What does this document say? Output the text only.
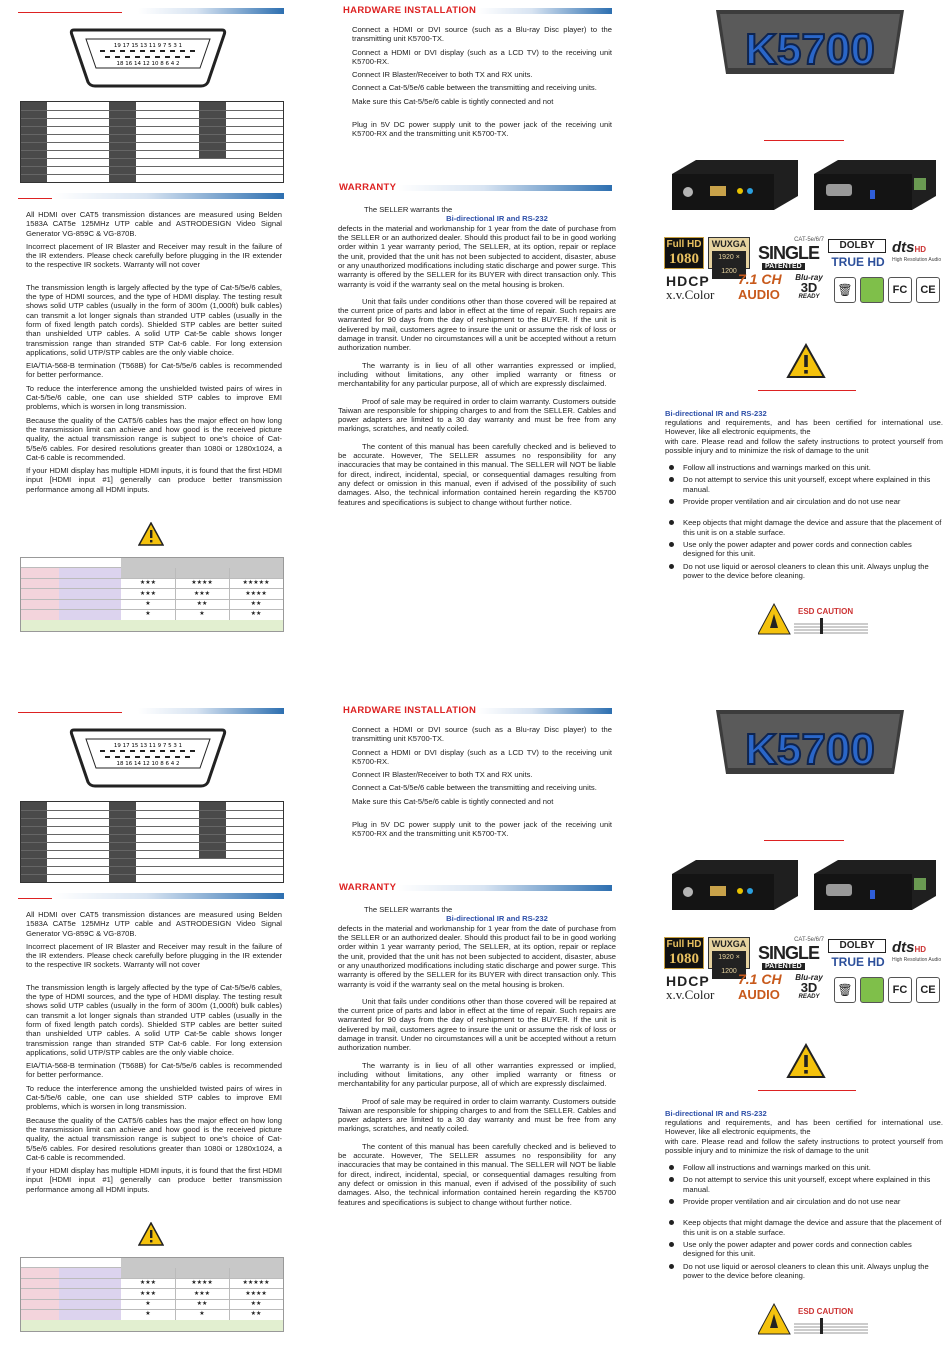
19 17 15 13 11 9 7 5 3 1
18 16 14 12 10 8 6 4 2

All HDMI over CAT5 transmission distances are measured using Belden 1583A CAT5e 125MHz UTP cable and ASTRODESIGN Video Signal Generator VG-859C & VG-870B.

Incorrect placement of IR Blaster and Receiver may result in the failure of the IR extenders. Please check carefully before plugging in the IR extender to the respective IR sockets. Warranty will not cover

The transmission length is largely affected by the type of Cat-5/5e/6 cables, the type of HDMI sources, and the type of HDMI display. The testing result shows solid UTP cables (usually in the form of 300m (1,000ft) bulk cables) can transmit a lot longer signals than stranded UTP cables (usually in the form of fixed length patch cords). Shielded STP cables are better suited than unshielded UTP cables. A solid UTP Cat-5e cable shows longer transmission range than stranded STP Cat-6 cable. For long extension applications, solid UTP/STP cables are the only viable choice.

EIA/TIA-568-B termination (T568B) for Cat-5/5e/6 cables is recommended for better performance.

To reduce the interference among the unshielded twisted pairs of wires in Cat-5/5e/6 cable, one can use shielded STP cables to improve EMI problems, which is worsen in long transmission.

Because the quality of the CAT5/6 cables has the major effect on how long the transmission limit can achieve and how good is the received picture quality, the actual transmission range is subject to one’s choice of Cat-5/5e/6 cables. For desired resolutions greater than 1080i or 1280x1024, a Cat-6 cable is recommended.

If your HDMI display has multiple HDMI inputs, it is found that the first HDMI input [HDMI input #1] generally can produce better transmission performance among all HDMI inputs.

★★★	★★★★	★★★★★
★★★	★★★	★★★★
★	★★	★★
★	★	★★
HARDWARE INSTALLATION

Connect a HDMI or DVI source (such as a Blu-ray Disc player) to the transmitting unit K5700-TX.

Connect a HDMI or DVI display (such as a LCD TV) to the receiving unit K5700-RX.

Connect IR Blaster/Receiver to both TX and RX units.

Connect a Cat-5/5e/6 cable between the transmitting and receiving units.

Make sure this Cat-5/5e/6 cable is tightly connected and not

Plug in 5V DC power supply unit to the power jack of the receiving unit K5700-RX and the transmitting unit K5700-TX.

WARRANTY

The SELLER warrants the

Bi-directional IR and RS-232

defects in the material and workmanship for 1 year from the date of purchase from the SELLER or an authorized dealer. Should this product fail to be in good working order within 1 year warranty period, The SELLER, at its option, repair or replace the unit, provided that the unit has not been subjected to accident, disaster, abuse or any unauthorized modifications including static discharge and power surge. This warranty is offered by the SELLER for its BUYER with direct transaction only. This warranty is void if the warranty seal on the metal housing is broken.

Unit that fails under conditions other than those covered will be repaired at the current price of parts and labor in effect at the time of repair. Such repairs are warranted for 90 days from the day of reshipment to the BUYER. If the unit is delivered by mail, customers agree to insure the unit or assume the risk of loss or damage in transit. Under no circumstances will a unit be accepted without a return authorization number.

The warranty is in lieu of all other warranties expressed or implied, including without limitations, any other implied warranty or fitness or merchantability for any particular purpose, all of which are expressly disclaimed.

Proof of sale may be required in order to claim warranty. Customers outside Taiwan are responsible for shipping charges to and from the SELLER. Cables and power adapters are limited to a 30 day warranty and must be free from any markings, scratches, and neatly coiled.

The content of this manual has been carefully checked and is believed to be accurate. However, The SELLER assumes no responsibility for any inaccuracies that may be contained in this manual. The SELLER will NOT be liable for direct, indirect, incidental, special, or consequential damages resulting from any defect or omission in this manual, even if advised of the possibility of such damages. Also, the technical information contained herein regarding the K5700 features and specifications is subject to change without further notice.

K5700
Full HD
1080
WUXGA
1920 × 1200
CAT-5e/6/7
SINGLE
PATENTED
DOLBY
TRUE HD
dtsHD
High Resolution Audio
HDCP
x.v.Color
7.1 CH
AUDIO
Blu-ray
3D
READY	🗑	FC	CE
Bi-directional IR and RS-232

regulations and requirements, and has been certified for international use. However, like all electronic equipments, the

with care. Please read and follow the safety instructions to protect yourself from possible injury and to minimize the risk of damage to the unit

Follow all instructions and warnings marked on this unit.
Do not attempt to service this unit yourself, except where explained in this manual.
Provide proper ventilation and air circulation and do not use near
Keep objects that might damage the device and assure that the placement of this unit is on a stable surface.
Use only the power adapter and power cords and connection cables designed for this unit.
Do not use liquid or aerosol cleaners to clean this unit. Always unplug the power to the device before cleaning.
ESD CAUTION
19 17 15 13 11 9 7 5 3 1
18 16 14 12 10 8 6 4 2

All HDMI over CAT5 transmission distances are measured using Belden 1583A CAT5e 125MHz UTP cable and ASTRODESIGN Video Signal Generator VG-859C & VG-870B.

Incorrect placement of IR Blaster and Receiver may result in the failure of the IR extenders. Please check carefully before plugging in the IR extender to the respective IR sockets. Warranty will not cover

The transmission length is largely affected by the type of Cat-5/5e/6 cables, the type of HDMI sources, and the type of HDMI display. The testing result shows solid UTP cables (usually in the form of 300m (1,000ft) bulk cables) can transmit a lot longer signals than stranded UTP cables (usually in the form of fixed length patch cords). Shielded STP cables are better suited than unshielded UTP cables. A solid UTP Cat-5e cable shows longer transmission range than stranded STP Cat-6 cable. For long extension applications, solid UTP/STP cables are the only viable choice.

EIA/TIA-568-B termination (T568B) for Cat-5/5e/6 cables is recommended for better performance.

To reduce the interference among the unshielded twisted pairs of wires in Cat-5/5e/6 cable, one can use shielded STP cables to improve EMI problems, which is worsen in long transmission.

Because the quality of the CAT5/6 cables has the major effect on how long the transmission limit can achieve and how good is the received picture quality, the actual transmission range is subject to one’s choice of Cat-5/5e/6 cables. For desired resolutions greater than 1080i or 1280x1024, a Cat-6 cable is recommended.

If your HDMI display has multiple HDMI inputs, it is found that the first HDMI input [HDMI input #1] generally can produce better transmission performance among all HDMI inputs.

★★★	★★★★	★★★★★
★★★	★★★	★★★★
★	★★	★★
★	★	★★
HARDWARE INSTALLATION

Connect a HDMI or DVI source (such as a Blu-ray Disc player) to the transmitting unit K5700-TX.

Connect a HDMI or DVI display (such as a LCD TV) to the receiving unit K5700-RX.

Connect IR Blaster/Receiver to both TX and RX units.

Connect a Cat-5/5e/6 cable between the transmitting and receiving units.

Make sure this Cat-5/5e/6 cable is tightly connected and not

Plug in 5V DC power supply unit to the power jack of the receiving unit K5700-RX and the transmitting unit K5700-TX.

WARRANTY

The SELLER warrants the

Bi-directional IR and RS-232

defects in the material and workmanship for 1 year from the date of purchase from the SELLER or an authorized dealer. Should this product fail to be in good working order within 1 year warranty period, The SELLER, at its option, repair or replace the unit, provided that the unit has not been subjected to accident, disaster, abuse or any unauthorized modifications including static discharge and power surge. This warranty is offered by the SELLER for its BUYER with direct transaction only. This warranty is void if the warranty seal on the metal housing is broken.

Unit that fails under conditions other than those covered will be repaired at the current price of parts and labor in effect at the time of repair. Such repairs are warranted for 90 days from the day of reshipment to the BUYER. If the unit is delivered by mail, customers agree to insure the unit or assume the risk of loss or damage in transit. Under no circumstances will a unit be accepted without a return authorization number.

The warranty is in lieu of all other warranties expressed or implied, including without limitations, any other implied warranty or fitness or merchantability for any particular purpose, all of which are expressly disclaimed.

Proof of sale may be required in order to claim warranty. Customers outside Taiwan are responsible for shipping charges to and from the SELLER. Cables and power adapters are limited to a 30 day warranty and must be free from any markings, scratches, and neatly coiled.

The content of this manual has been carefully checked and is believed to be accurate. However, The SELLER assumes no responsibility for any inaccuracies that may be contained in this manual. The SELLER will NOT be liable for direct, indirect, incidental, special, or consequential damages resulting from any defect or omission in this manual, even if advised of the possibility of such damages. Also, the technical information contained herein regarding the K5700 features and specifications is subject to change without further notice.

K5700
Full HD
1080
WUXGA
1920 × 1200
CAT-5e/6/7
SINGLE
PATENTED
DOLBY
TRUE HD
dtsHD
High Resolution Audio
HDCP
x.v.Color
7.1 CH
AUDIO
Blu-ray
3D
READY	🗑	FC	CE
Bi-directional IR and RS-232

regulations and requirements, and has been certified for international use. However, like all electronic equipments, the

with care. Please read and follow the safety instructions to protect yourself from possible injury and to minimize the risk of damage to the unit

Follow all instructions and warnings marked on this unit.
Do not attempt to service this unit yourself, except where explained in this manual.
Provide proper ventilation and air circulation and do not use near
Keep objects that might damage the device and assure that the placement of this unit is on a stable surface.
Use only the power adapter and power cords and connection cables designed for this unit.
Do not use liquid or aerosol cleaners to clean this unit. Always unplug the power to the device before cleaning.
ESD CAUTION
